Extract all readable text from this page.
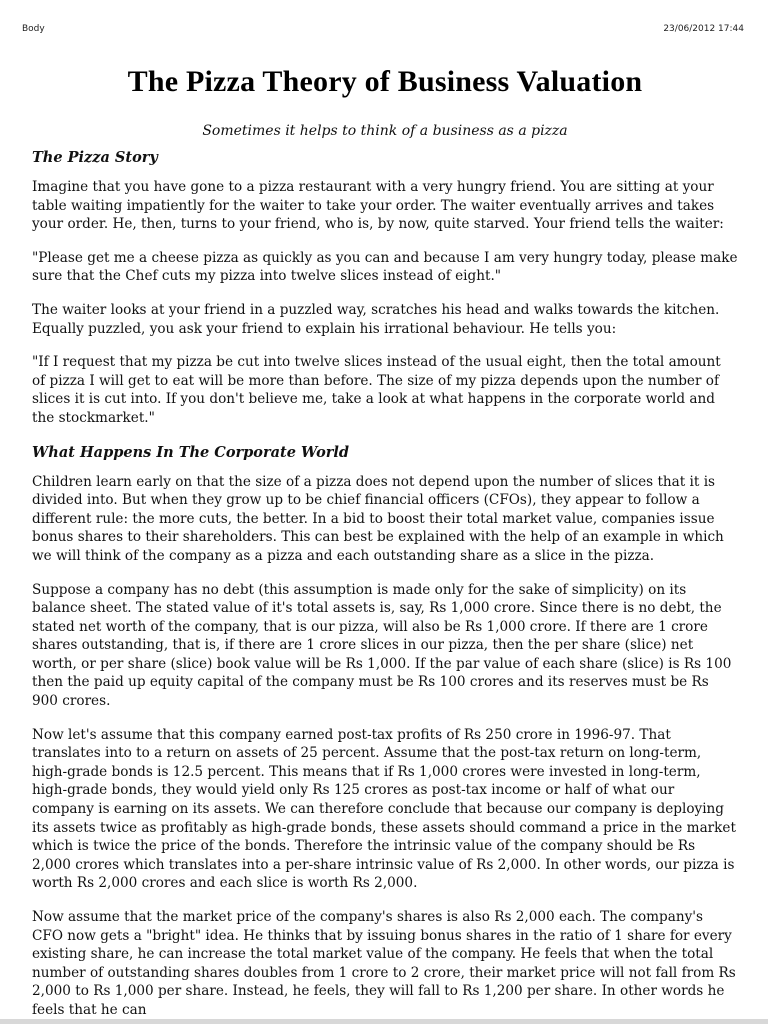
Body	23/06/2012 17:44
The Pizza Theory of Business Valuation
Sometimes it helps to think of a business as a pizza
The Pizza Story

Imagine that you have gone to a pizza restaurant with a very hungry friend. You are sitting at your table waiting impatiently for the waiter to take your order. The waiter eventually arrives and takes your order. He, then, turns to your friend, who is, by now, quite starved. Your friend tells the waiter:

"Please get me a cheese pizza as quickly as you can and because I am very hungry today, please make sure that the Chef cuts my pizza into twelve slices instead of eight."

The waiter looks at your friend in a puzzled way, scratches his head and walks towards the kitchen. Equally puzzled, you ask your friend to explain his irrational behaviour. He tells you:

"If I request that my pizza be cut into twelve slices instead of the usual eight, then the total amount of pizza I will get to eat will be more than before. The size of my pizza depends upon the number of slices it is cut into. If you don't believe me, take a look at what happens in the corporate world and the stockmarket."

What Happens In The Corporate World

Children learn early on that the size of a pizza does not depend upon the number of slices that it is divided into. But when they grow up to be chief financial officers (CFOs), they appear to follow a different rule: the more cuts, the better. In a bid to boost their total market value, companies issue bonus shares to their shareholders. This can best be explained with the help of an example in which we will think of the company as a pizza and each outstanding share as a slice in the pizza.

Suppose a company has no debt (this assumption is made only for the sake of simplicity) on its balance sheet. The stated value of it's total assets is, say, Rs 1,000 crore. Since there is no debt, the stated net worth of the company, that is our pizza, will also be Rs 1,000 crore. If there are 1 crore shares outstanding, that is, if there are 1 crore slices in our pizza, then the per share (slice) net worth, or per share (slice) book value will be Rs 1,000. If the par value of each share (slice) is Rs 100 then the paid up equity capital of the company must be Rs 100 crores and its reserves must be Rs 900 crores.

Now let's assume that this company earned post-tax profits of Rs 250 crore in 1996-97. That translates into to a return on assets of 25 percent. Assume that the post-tax return on long-term, high-grade bonds is 12.5 percent. This means that if Rs 1,000 crores were invested in long-term, high-grade bonds, they would yield only Rs 125 crores as post-tax income or half of what our company is earning on its assets. We can therefore conclude that because our company is deploying its assets twice as profitably as high-grade bonds, these assets should command a price in the market which is twice the price of the bonds. Therefore the intrinsic value of the company should be Rs 2,000 crores which translates into a per-share intrinsic value of Rs 2,000. In other words, our pizza is worth Rs 2,000 crores and each slice is worth Rs 2,000.

Now assume that the market price of the company's shares is also Rs 2,000 each. The company's CFO now gets a "bright" idea. He thinks that by issuing bonus shares in the ratio of 1 share for every existing share, he can increase the total market value of the company. He feels that when the total number of outstanding shares doubles from 1 crore to 2 crore, their market price will not fall from Rs 2,000 to Rs 1,000 per share. Instead, he feels, they will fall to Rs 1,200 per share. In other words he feels that he can
